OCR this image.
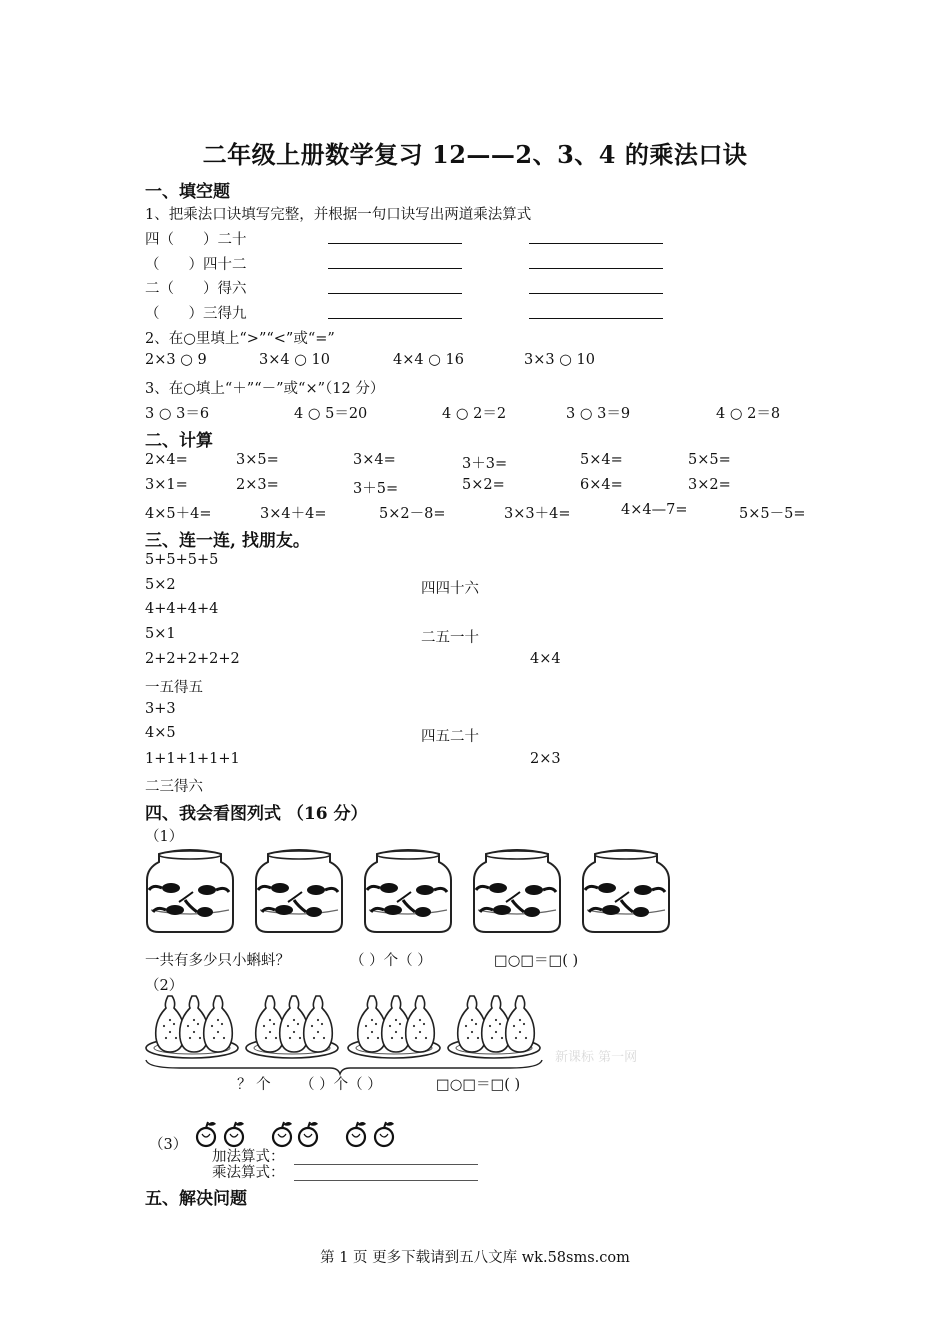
二年级上册数学复习 12——2、3、4 的乘法口诀
一、填空题
1、把乘法口诀填写完整，并根据一句口诀写出两道乘法算式
四（　　）二十
（　　）四十二
二（　　）得六
（　　）三得九
2、在○里填上“>”“<”或“=”
2×3 ○ 9	3×4 ○ 10	4×4 ○ 16	3×3 ○ 10
3、在○填上“＋”“－”或“×”（12 分）
3 ○ 3＝6	4 ○ 5＝20	4 ○ 2＝2	3 ○ 3＝9	4 ○ 2＝8
二、计算
2×4=	3×5=	3×4=	3＋3=	5×4=	5×5=
3×1=	2×3=	3＋5=	5×2=	6×4=	3×2=
4×5＋4=	3×4＋4=	5×2－8=	3×3＋4=	4×4—7=	5×5－5=
三、连一连, 找朋友。
5+5+5+5
5×2	四四十六
4+4+4+4
5×1	二五一十
2+2+2+2+2	4×4
一五得五
3+3
4×5	四五二十
1+1+1+1+1	2×3
二三得六
四、我会看图列式 （16 分）
（1）
一共有多少只小蝌蚪？	（ ）个（ ）	□○□＝□( )
（2）
新课标 第一网
？ 个 （ ）个（ ）	□○□＝□( )
（3）
加法算式：
乘法算式：
五、解决问题
第 1 页 更多下载请到五八文库 wk.58sms.com
